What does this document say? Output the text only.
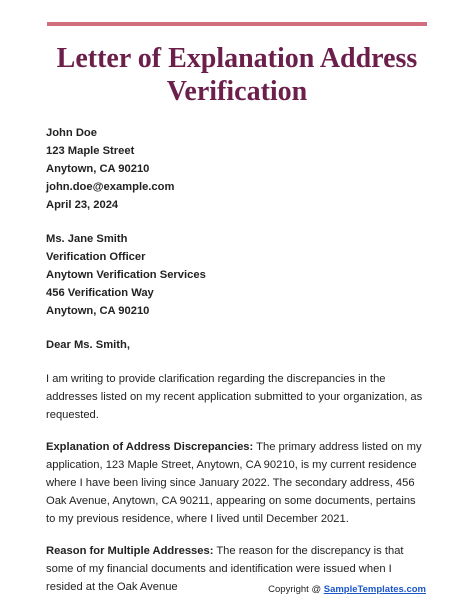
Letter of Explanation Address
Verification
John Doe
123 Maple Street
Anytown, CA 90210
john.doe@example.com
April 23, 2024
Ms. Jane Smith
Verification Officer
Anytown Verification Services
456 Verification Way
Anytown, CA 90210

Dear Ms. Smith,

I am writing to provide clarification regarding the discrepancies in the addresses listed on my recent application submitted to your organization, as requested.

Explanation of Address Discrepancies: The primary address listed on my application, 123 Maple Street, Anytown, CA 90210, is my current residence where I have been living since January 2022. The secondary address, 456 Oak Avenue, Anytown, CA 90211, appearing on some documents, pertains to my previous residence, where I lived until December 2021.

Reason for Multiple Addresses: The reason for the discrepancy is that some of my financial documents and identification were issued when I resided at the Oak Avenue	Copyright @ SampleTemplates.com
